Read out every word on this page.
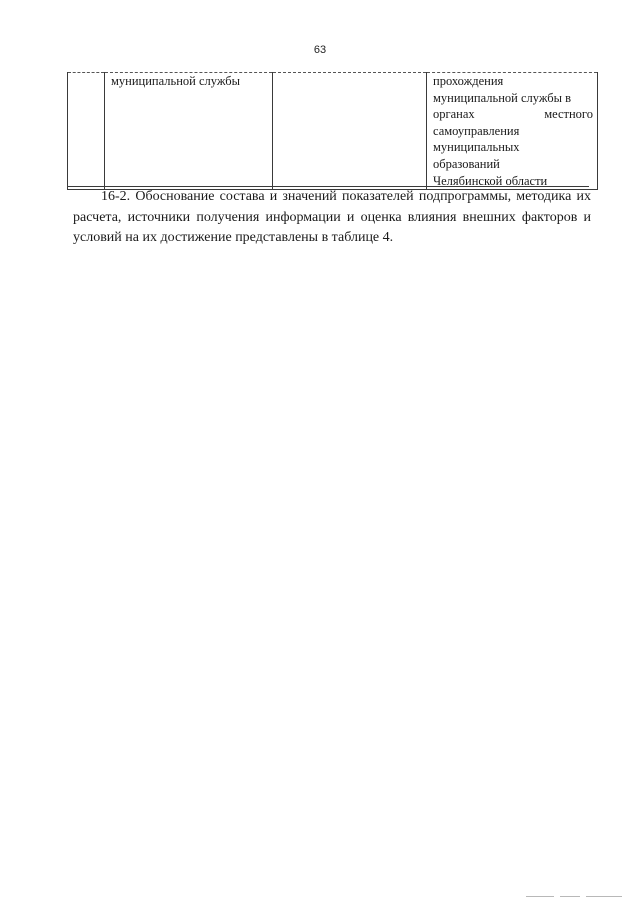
63
	муниципальной службы		прохождения
муниципальной службы в
органах	местного
самоуправления
муниципальных
образований
Челябинской области

16-2. Обоснование состава и значений показателей подпрограммы, методика их расчета, источники получения информации и оценка влияния внешних факторов и условий на их достижение представлены в таблице 4.
